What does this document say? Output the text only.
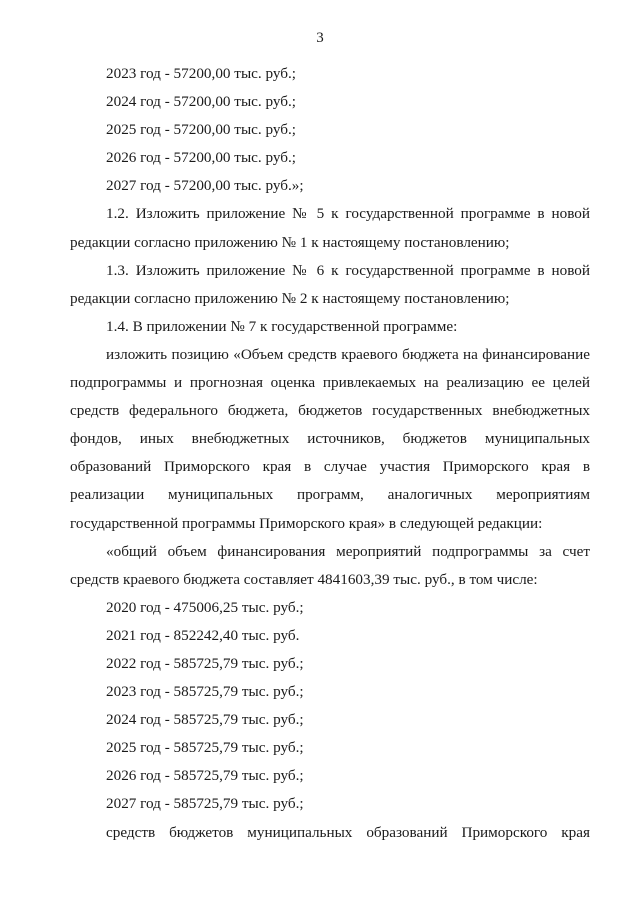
3
2023 год - 57200,00 тыс. руб.;
2024 год - 57200,00 тыс. руб.;
2025 год - 57200,00 тыс. руб.;
2026 год - 57200,00 тыс. руб.;
2027 год - 57200,00 тыс. руб.»;
1.2. Изложить приложение № 5 к государственной программе в новой
редакции согласно приложению № 1 к настоящему постановлению;
1.3. Изложить приложение № 6 к государственной программе в новой
редакции согласно приложению № 2 к настоящему постановлению;
1.4. В приложении № 7 к государственной программе:
изложить позицию «Объем средств краевого бюджета на финансирование
подпрограммы и прогнозная оценка привлекаемых на реализацию ее целей
средств федерального бюджета, бюджетов государственных внебюджетных
фондов, иных внебюджетных источников, бюджетов муниципальных
образований Приморского края в случае участия Приморского края в
реализации муниципальных программ, аналогичных мероприятиям
государственной программы Приморского края» в следующей редакции:
«общий объем финансирования мероприятий подпрограммы за счет
средств краевого бюджета составляет 4841603,39 тыс. руб., в том числе:
2020 год - 475006,25 тыс. руб.;
2021 год - 852242,40 тыс. руб.
2022 год - 585725,79 тыс. руб.;
2023 год - 585725,79 тыс. руб.;
2024 год - 585725,79 тыс. руб.;
2025 год - 585725,79 тыс. руб.;
2026 год - 585725,79 тыс. руб.;
2027 год - 585725,79 тыс. руб.;
средств бюджетов муниципальных образований Приморского края
